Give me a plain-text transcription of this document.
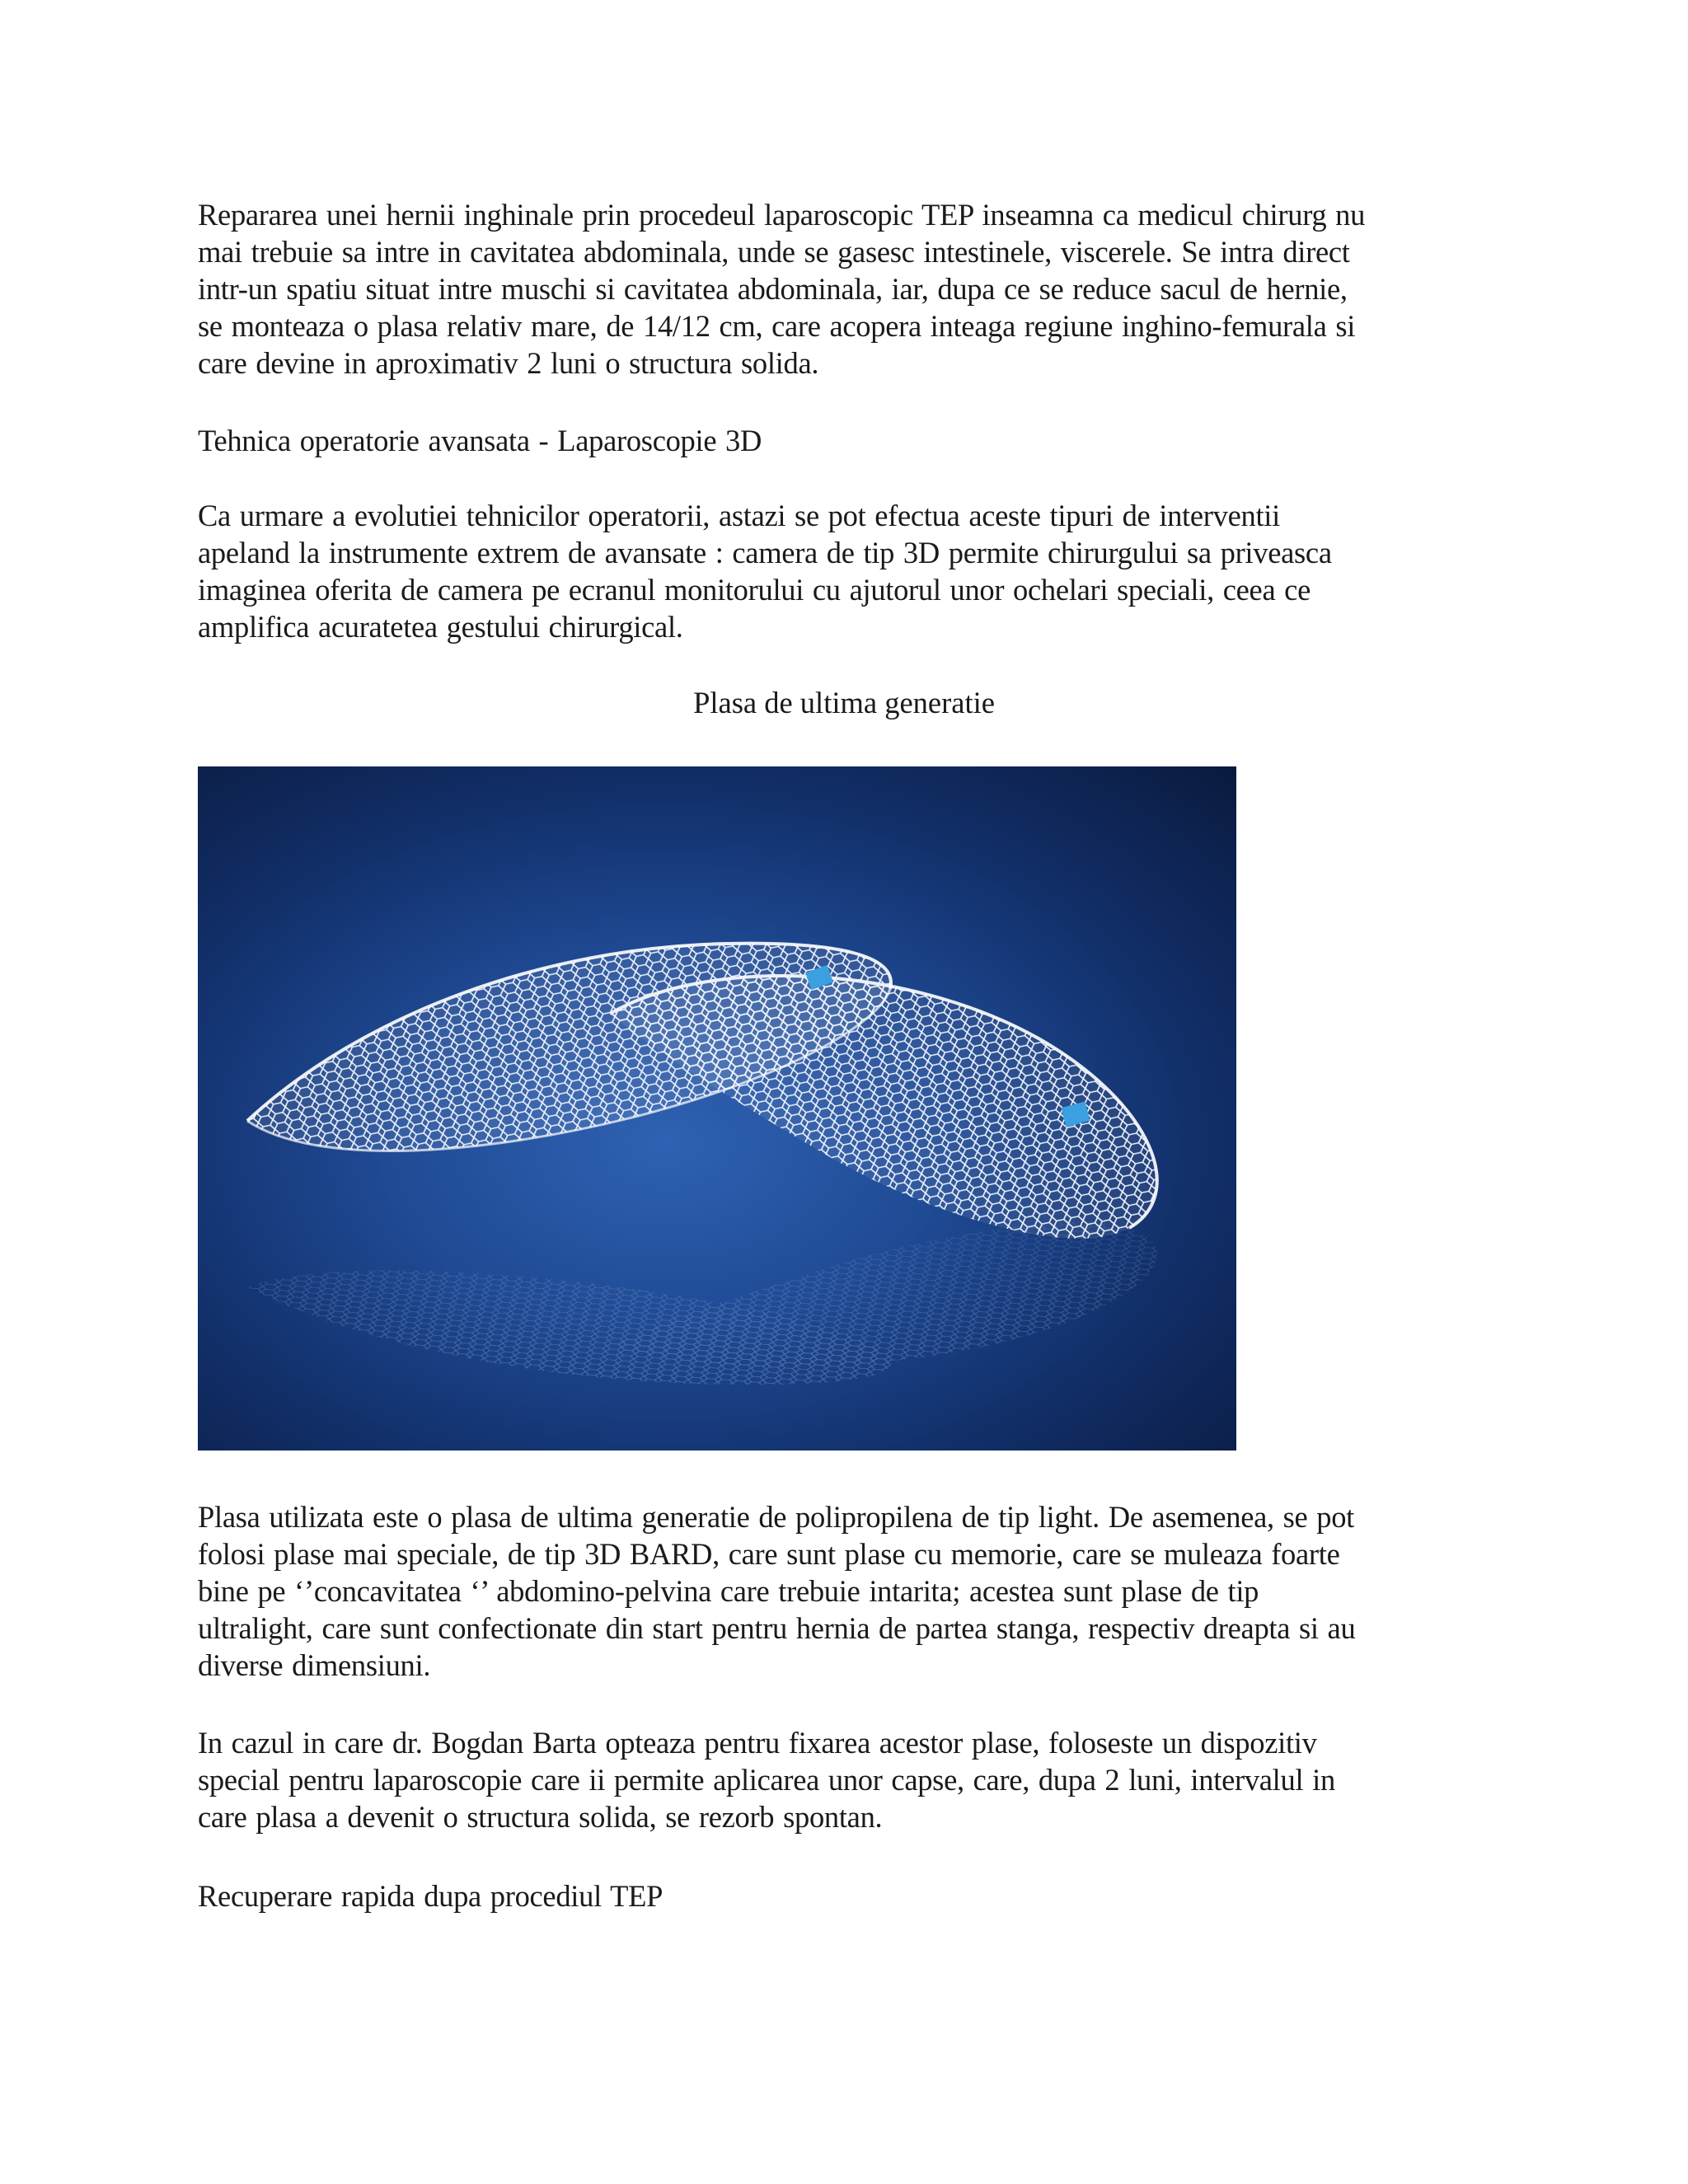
Repararea unei hernii inghinale prin procedeul laparoscopic TEP inseamna ca medicul chirurg nu
mai trebuie sa intre in cavitatea abdominala, unde se gasesc intestinele, viscerele. Se intra direct
intr-un spatiu situat intre muschi si cavitatea abdominala, iar, dupa ce se reduce sacul de hernie,
se monteaza o plasa relativ mare, de 14/12 cm, care acopera inteaga regiune inghino-femurala si
care devine in aproximativ 2 luni o structura solida.

Tehnica operatorie avansata - Laparoscopie 3D

Ca urmare a evolutiei tehnicilor operatorii, astazi se pot efectua aceste tipuri de interventii
apeland la instrumente extrem de avansate : camera de tip 3D permite chirurgului sa priveasca
imaginea oferita de camera pe ecranul monitorului cu ajutorul unor ochelari speciali, ceea ce
amplifica acuratetea gestului chirurgical.

Plasa de ultima generatie

Plasa utilizata este o plasa de ultima generatie de polipropilena de tip light. De asemenea, se pot
folosi plase mai speciale, de tip 3D BARD, care sunt plase cu memorie, care se muleaza foarte
bine pe ‘’concavitatea ‘’ abdomino-pelvina care trebuie intarita; acestea sunt plase de tip
ultralight, care sunt confectionate din start pentru hernia de partea stanga, respectiv dreapta si au
diverse dimensiuni.

In cazul in care dr. Bogdan Barta opteaza pentru fixarea acestor plase, foloseste un dispozitiv
special pentru laparoscopie care ii permite aplicarea unor capse, care, dupa 2 luni, intervalul in
care plasa a devenit o structura solida, se rezorb spontan.

Recuperare rapida dupa procediul TEP
